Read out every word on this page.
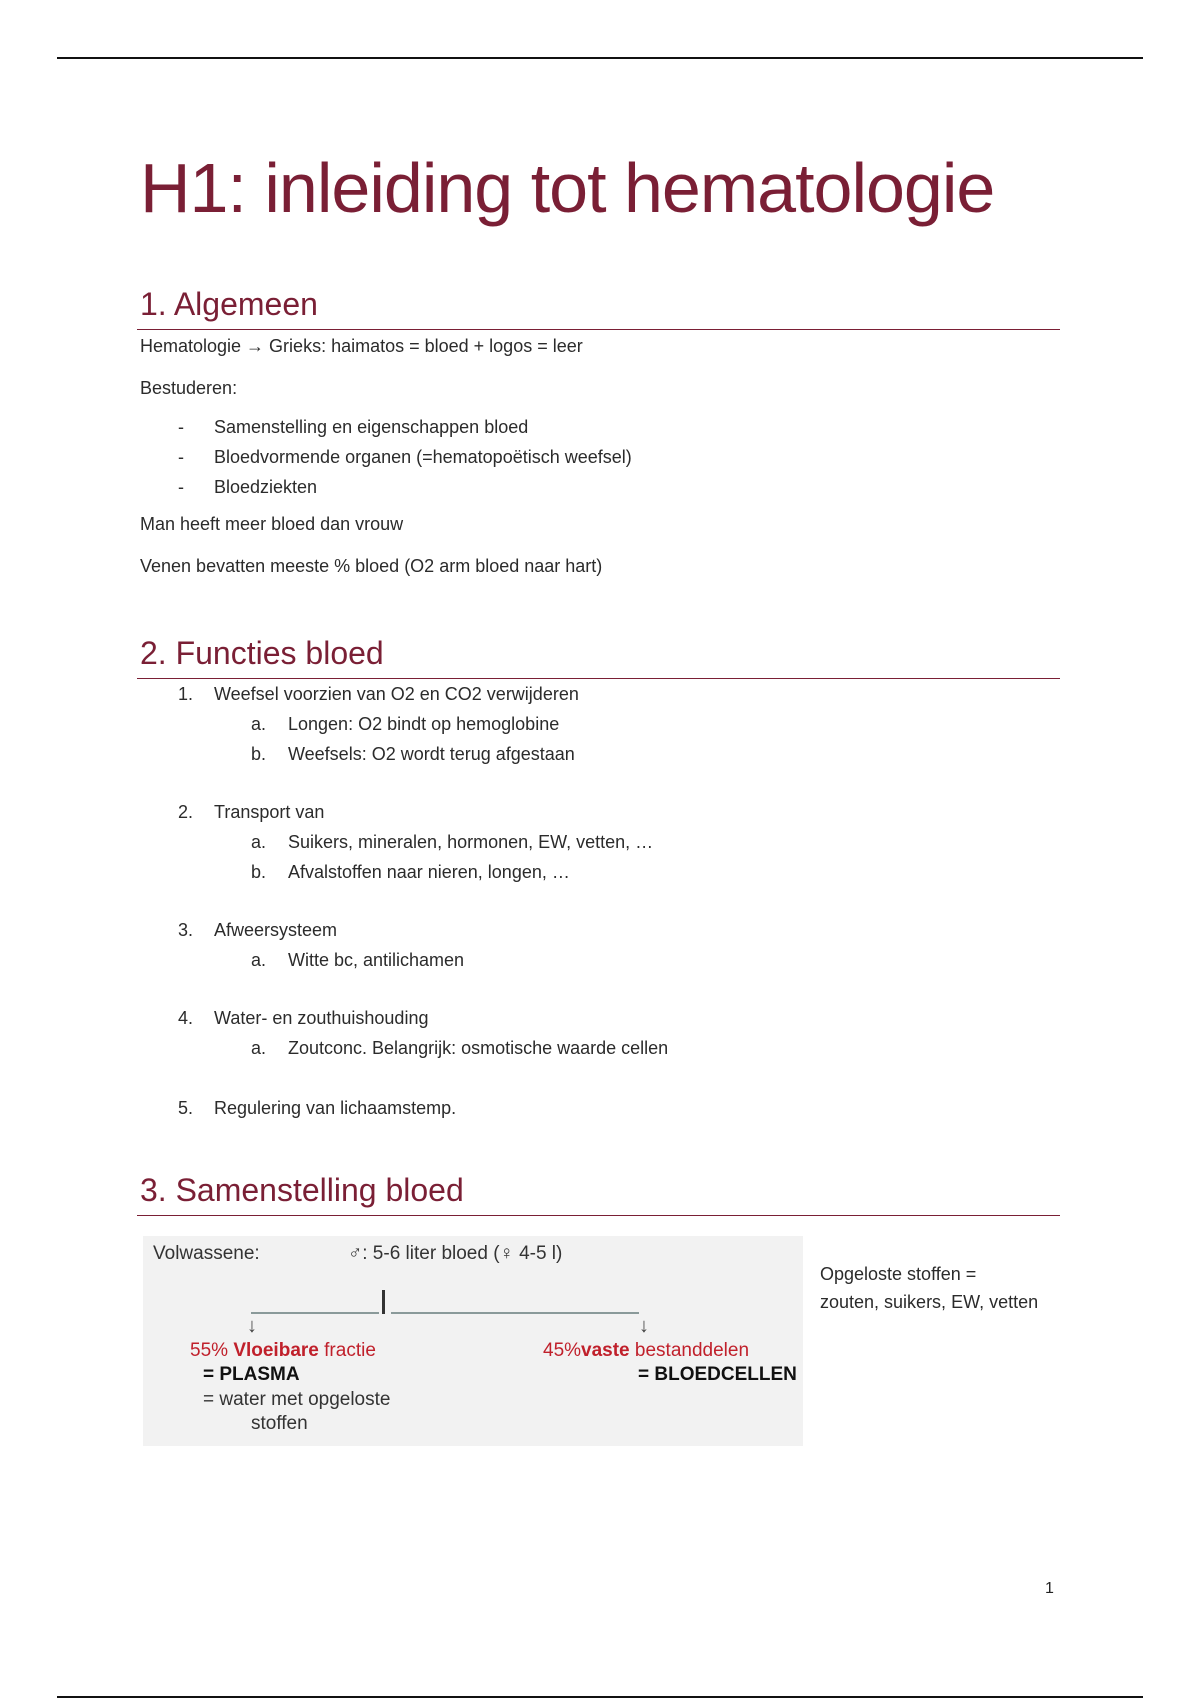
H1: inleiding tot hematologie
1. Algemeen

Hematologie → Grieks: haimatos = bloed + logos = leer

Bestuderen:

- Samenstelling en eigenschappen bloed
- Bloedvormende organen (=hematopoëtisch weefsel)
- Bloedziekten

Man heeft meer bloed dan vrouw

Venen bevatten meeste % bloed (O2 arm bloed naar hart)

2. Functies bloed
1.	Weefsel voorzien van O2 en CO2 verwijderen
a.	Longen: O2 bindt op hemoglobine
b.	Weefsels: O2 wordt terug afgestaan
2.	Transport van
a.	Suikers, mineralen, hormonen, EW, vetten, …
b.	Afvalstoffen naar nieren, longen, …
3.	Afweersysteem
a.	Witte bc, antilichamen
4.	Water- en zouthuishouding
a.	Zoutconc. Belangrijk: osmotische waarde cellen
5.	Regulering van lichaamstemp.
3. Samenstelling bloed
Volwassene:	♂: 5-6 liter bloed (♀ 4-5 l)
↓	↓
55% Vloeibare fractie
= PLASMA
= water met opgeloste
stoffen
45%vaste bestanddelen
= BLOEDCELLEN
Opgeloste stoffen = zouten, suikers, EW, vetten
1
